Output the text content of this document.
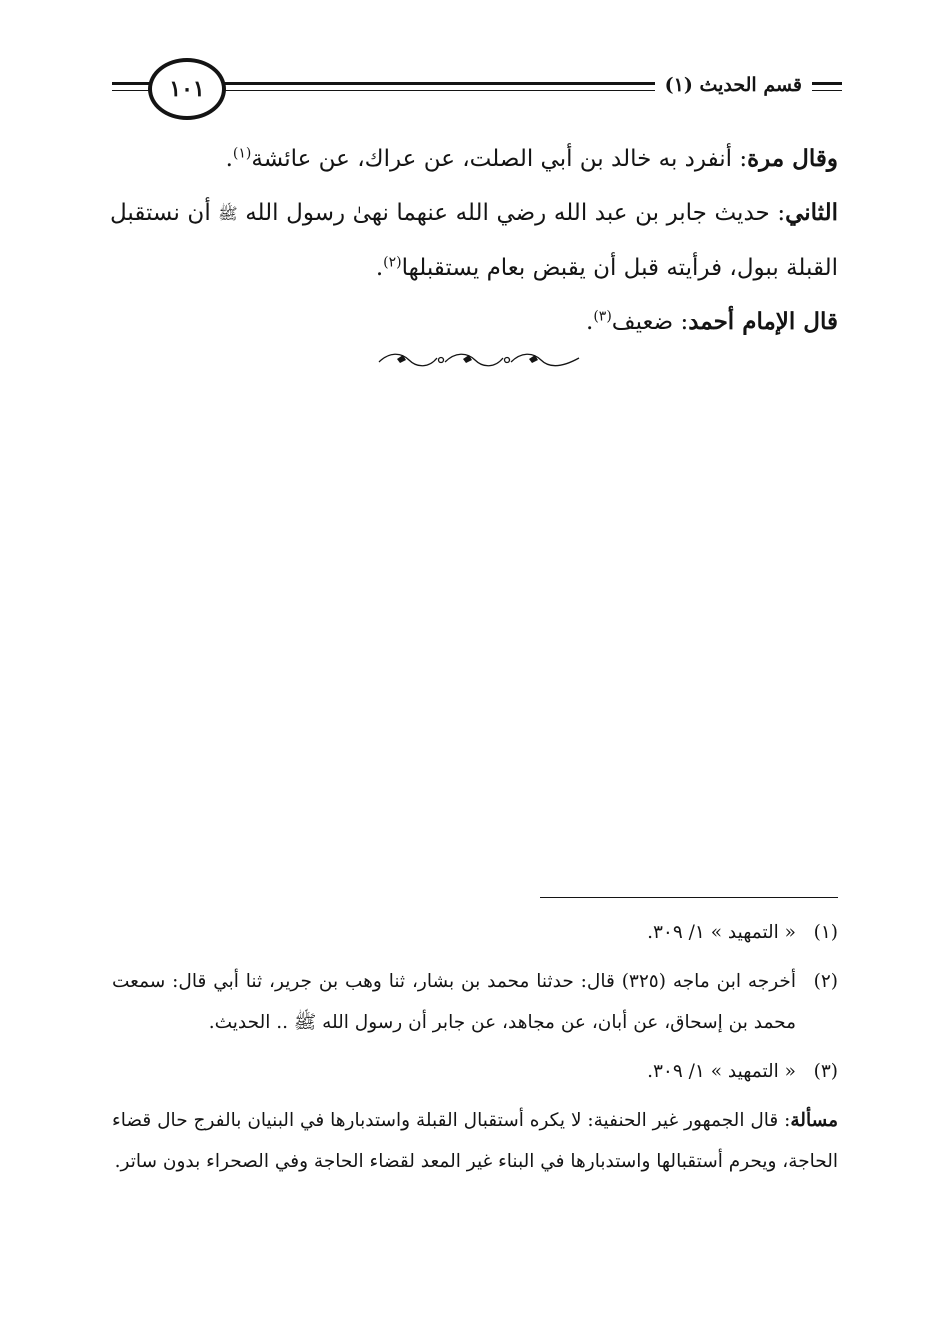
قسم الحديث (١)
١٠١

وقال مرة: أنفرد به خالد بن أبي الصلت، عن عراك، عن عائشة$^{(١)}$.

الثاني: حديث جابر بن عبد الله رضي الله عنهما نهىٰ رسول الله ﷺ أن نستقبل القبلة ببول، فرأيته قبل أن يقبض بعام يستقبلها$^{(٢)}$.

قال الإمام أحمد: ضعيف$^{(٣)}$.

(١)
« التمهيد » ١/ ٣٠٩.
(٢)
أخرجه ابن ماجه (٣٢٥) قال: حدثنا محمد بن بشار، ثنا وهب بن جرير، ثنا أبي قال: سمعت محمد بن إسحاق، عن أبان، عن مجاهد، عن جابر أن رسول الله ﷺ .. الحديث.
(٣)
« التمهيد » ١/ ٣٠٩.
مسألة: قال الجمهور غير الحنفية: لا يكره أستقبال القبلة واستدبارها في البنيان بالفرج حال قضاء الحاجة، ويحرم أستقبالها واستدبارها في البناء غير المعد لقضاء الحاجة وفي الصحراء بدون ساتر.
